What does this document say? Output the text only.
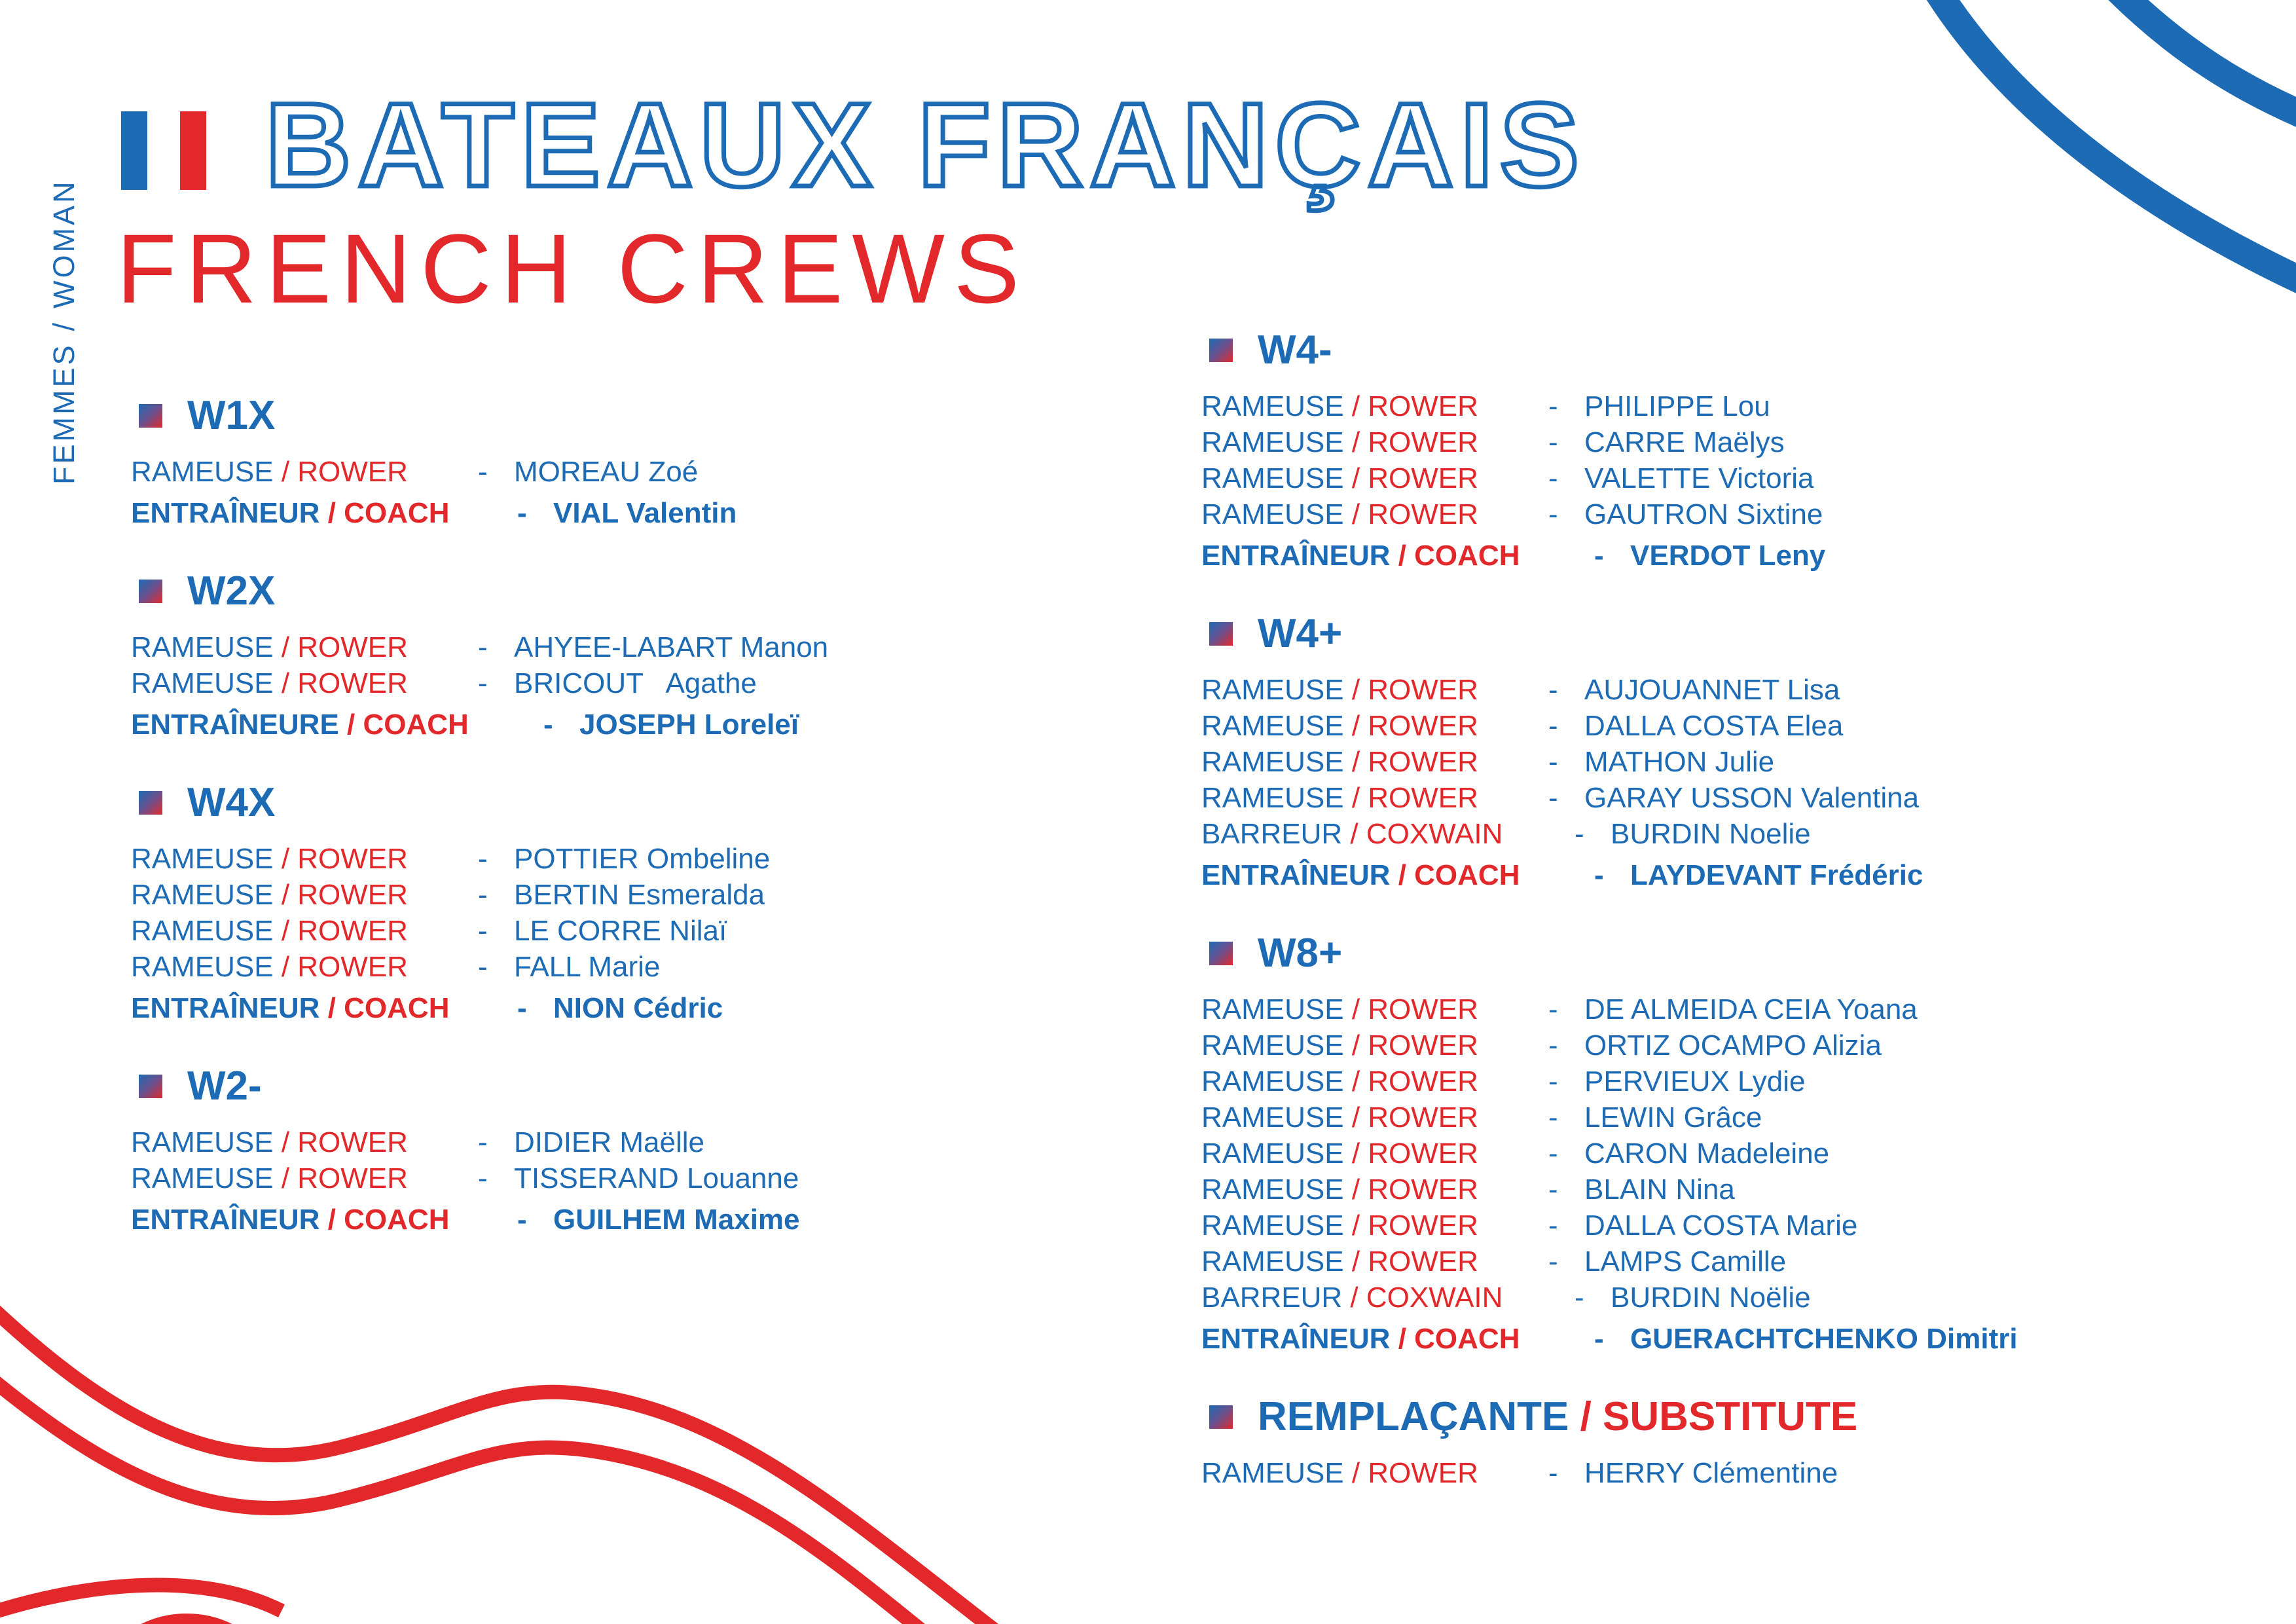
FEMMES/WOMAN
BATEAUX FRANÇAIS
FRENCH CREWS
W1X
RAMEUSE / ROWER	- MOREAU Zoé
ENTRAÎNEUR / COACH	- VIAL Valentin
W2X
RAMEUSE / ROWER	- AHYEE-LABART Manon
RAMEUSE / ROWER	- BRICOUT   Agathe
ENTRAÎNEURE / COACH	- JOSEPH Loreleï
W4X
RAMEUSE / ROWER	- POTTIER Ombeline
RAMEUSE / ROWER	- BERTIN Esmeralda
RAMEUSE / ROWER	- LE CORRE Nilaï
RAMEUSE / ROWER	- FALL Marie
ENTRAÎNEUR / COACH	- NION Cédric
W2-
RAMEUSE / ROWER	- DIDIER Maëlle
RAMEUSE / ROWER	- TISSERAND Louanne
ENTRAÎNEUR / COACH	- GUILHEM Maxime
W4-
RAMEUSE / ROWER	- PHILIPPE Lou
RAMEUSE / ROWER	- CARRE Maëlys
RAMEUSE / ROWER	- VALETTE Victoria
RAMEUSE / ROWER	- GAUTRON Sixtine
ENTRAÎNEUR / COACH	- VERDOT Leny
W4+
RAMEUSE / ROWER	- AUJOUANNET Lisa
RAMEUSE / ROWER	- DALLA COSTA Elea
RAMEUSE / ROWER	- MATHON Julie
RAMEUSE / ROWER	- GARAY USSON Valentina
BARREUR / COXWAIN	- BURDIN Noelie
ENTRAÎNEUR / COACH	- LAYDEVANT Frédéric
W8+
RAMEUSE / ROWER	- DE ALMEIDA CEIA Yoana
RAMEUSE / ROWER	- ORTIZ OCAMPO Alizia
RAMEUSE / ROWER	- PERVIEUX Lydie
RAMEUSE / ROWER	- LEWIN Grâce
RAMEUSE / ROWER	- CARON Madeleine
RAMEUSE / ROWER	- BLAIN Nina
RAMEUSE / ROWER	- DALLA COSTA Marie
RAMEUSE / ROWER	- LAMPS Camille
BARREUR / COXWAIN	- BURDIN Noëlie
ENTRAÎNEUR / COACH	- GUERACHTCHENKO Dimitri
REMPLAÇANTE / SUBSTITUTE
RAMEUSE / ROWER	- HERRY Clémentine
